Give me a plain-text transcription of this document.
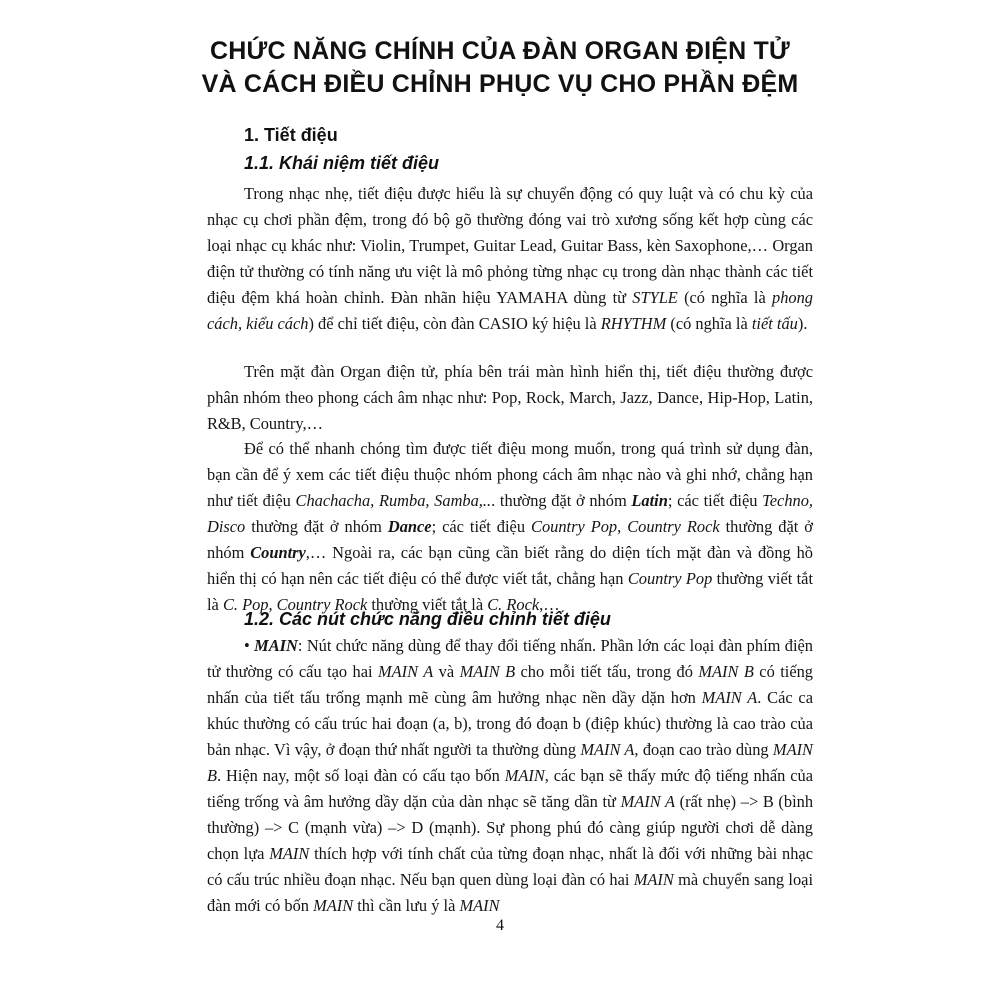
CHỨC NĂNG CHÍNH CỦA ĐÀN ORGAN ĐIỆN TỬ
VÀ CÁCH ĐIỀU CHỈNH PHỤC VỤ CHO PHẦN ĐỆM
1. Tiết điệu
1.1. Khái niệm tiết điệu

Trong nhạc nhẹ, tiết điệu được hiểu là sự chuyển động có quy luật và có chu kỳ của nhạc cụ chơi phần đệm, trong đó bộ gõ thường đóng vai trò xương sống kết hợp cùng các loại nhạc cụ khác như: Violin, Trumpet, Guitar Lead, Guitar Bass, kèn Saxophone,… Organ điện tử thường có tính năng ưu việt là mô phỏng từng nhạc cụ trong dàn nhạc thành các tiết điệu đệm khá hoàn chỉnh. Đàn nhãn hiệu YAMAHA dùng từ STYLE (có nghĩa là phong cách, kiểu cách) để chỉ tiết điệu, còn đàn CASIO ký hiệu là RHYTHM (có nghĩa là tiết tấu).

Trên mặt đàn Organ điện tử, phía bên trái màn hình hiển thị, tiết điệu thường được phân nhóm theo phong cách âm nhạc như: Pop, Rock, March, Jazz, Dance, Hip-Hop, Latin, R&B, Country,…

Để có thể nhanh chóng tìm được tiết điệu mong muốn, trong quá trình sử dụng đàn, bạn cần để ý xem các tiết điệu thuộc nhóm phong cách âm nhạc nào và ghi nhớ, chẳng hạn như tiết điệu Chachacha, Rumba, Samba,... thường đặt ở nhóm Latin; các tiết điệu Techno, Disco thường đặt ở nhóm Dance; các tiết điệu Country Pop, Country Rock thường đặt ở nhóm Country,… Ngoài ra, các bạn cũng cần biết rằng do diện tích mặt đàn và đồng hồ hiển thị có hạn nên các tiết điệu có thể được viết tắt, chẳng hạn Country Pop thường viết tắt là C. Pop, Country Rock thường viết tắt là C. Rock,…

1.2. Các nút chức năng điều chỉnh tiết điệu

• MAIN: Nút chức năng dùng để thay đổi tiếng nhấn. Phần lớn các loại đàn phím điện tử thường có cấu tạo hai MAIN A và MAIN B cho mỗi tiết tấu, trong đó MAIN B có tiếng nhấn của tiết tấu trống mạnh mẽ cùng âm hưởng nhạc nền dầy dặn hơn MAIN A. Các ca khúc thường có cấu trúc hai đoạn (a, b), trong đó đoạn b (điệp khúc) thường là cao trào của bản nhạc. Vì vậy, ở đoạn thứ nhất người ta thường dùng MAIN A, đoạn cao trào dùng MAIN B. Hiện nay, một số loại đàn có cấu tạo bốn MAIN, các bạn sẽ thấy mức độ tiếng nhấn của tiếng trống và âm hưởng dầy dặn của dàn nhạc sẽ tăng dần từ MAIN A (rất nhẹ) –> B (bình thường) –> C (mạnh vừa) –> D (mạnh). Sự phong phú đó càng giúp người chơi dễ dàng chọn lựa MAIN thích hợp với tính chất của từng đoạn nhạc, nhất là đối với những bài nhạc có cấu trúc nhiều đoạn nhạc. Nếu bạn quen dùng loại đàn có hai MAIN mà chuyển sang loại đàn mới có bốn MAIN thì cần lưu ý là MAIN

4
